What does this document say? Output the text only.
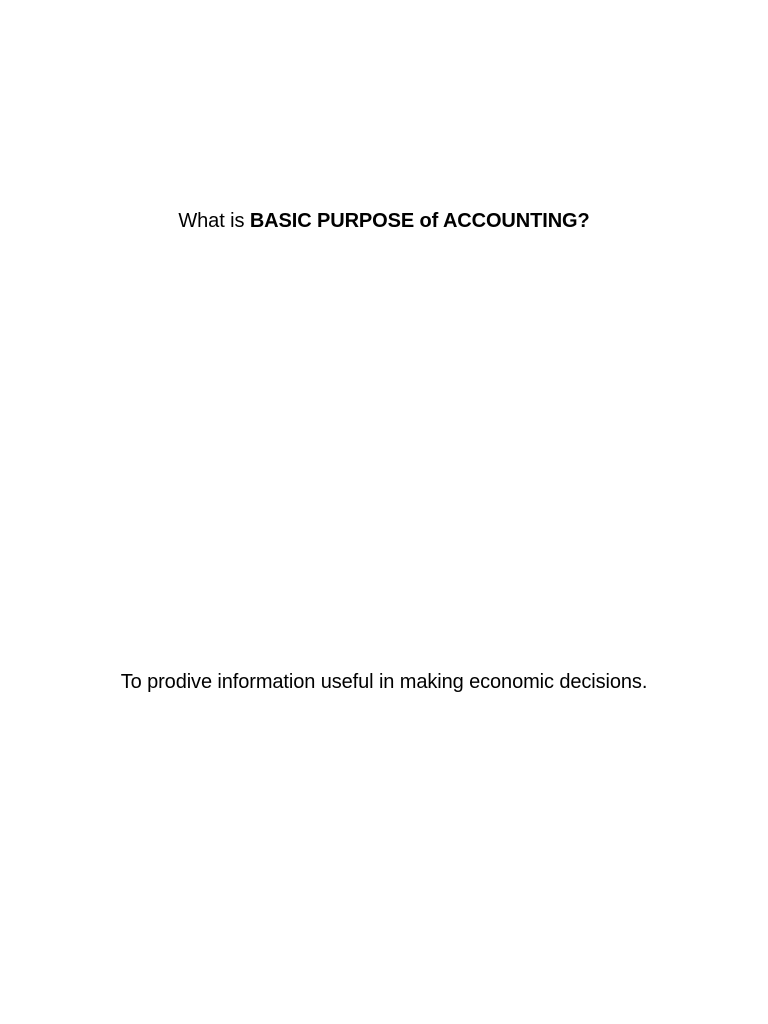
What is BASIC PURPOSE of ACCOUNTING?
To prodive information useful in making economic decisions.
